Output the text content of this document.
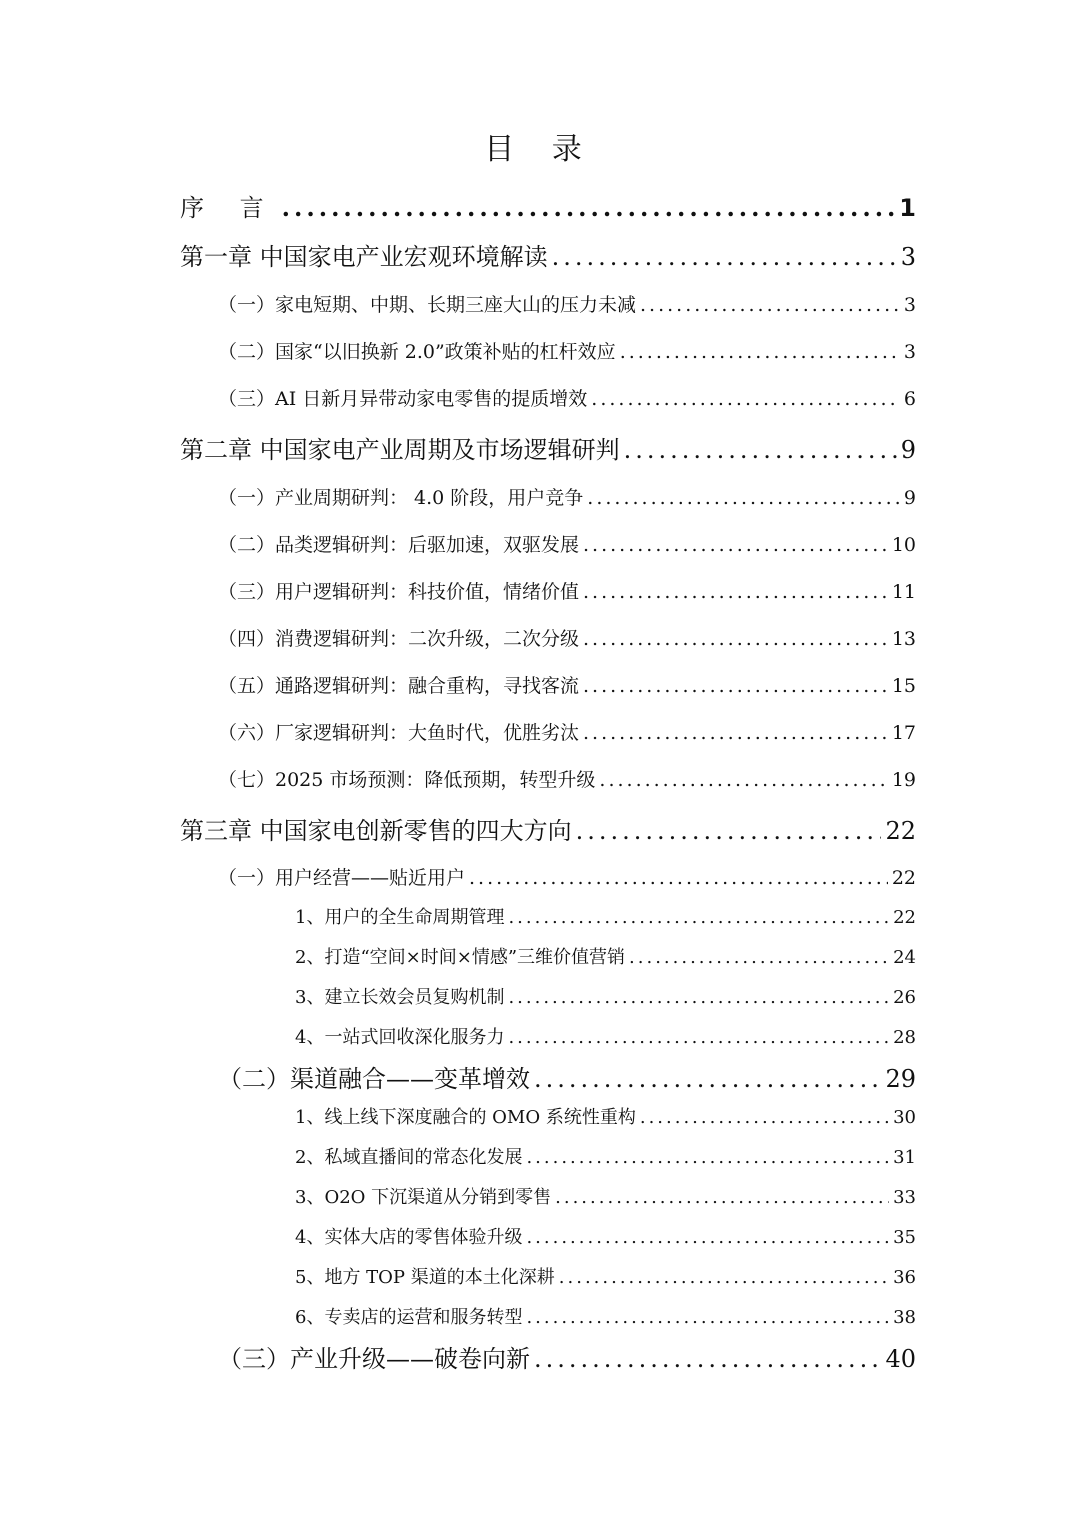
目 录
序 言 .....	1
第一章 中国家电产业宏观环境解读 .....	3
（一）家电短期、中期、长期三座大山的压力未减 .....	3
（二）国家“以旧换新 2.0”政策补贴的杠杆效应 .....	3
（三）AI 日新月异带动家电零售的提质增效 .....	6
第二章 中国家电产业周期及市场逻辑研判 .....	9
（一）产业周期研判： 4.0 阶段，用户竞争 .....	9
（二）品类逻辑研判：后驱加速，双驱发展 .....	10
（三）用户逻辑研判：科技价值，情绪价值 .....	11
（四）消费逻辑研判：二次升级，二次分级 .....	13
（五）通路逻辑研判：融合重构，寻找客流 .....	15
（六）厂家逻辑研判：大鱼时代，优胜劣汰 .....	17
（七）2025 市场预测：降低预期，转型升级 .....	19
第三章 中国家电创新零售的四大方向 .....	22
（一）用户经营——贴近用户 .....	22
1、用户的全生命周期管理 .....	22
2、打造“空间×时间×情感”三维价值营销 .....	24
3、建立长效会员复购机制 .....	26
4、一站式回收深化服务力 .....	28
（二）渠道融合——变革增效 .....	29
1、线上线下深度融合的 OMO 系统性重构 .....	30
2、私域直播间的常态化发展 .....	31
3、O2O 下沉渠道从分销到零售 .....	33
4、实体大店的零售体验升级 .....	35
5、地方 TOP 渠道的本土化深耕 .....	36
6、专卖店的运营和服务转型 .....	38
（三）产业升级——破卷向新 .....	40
